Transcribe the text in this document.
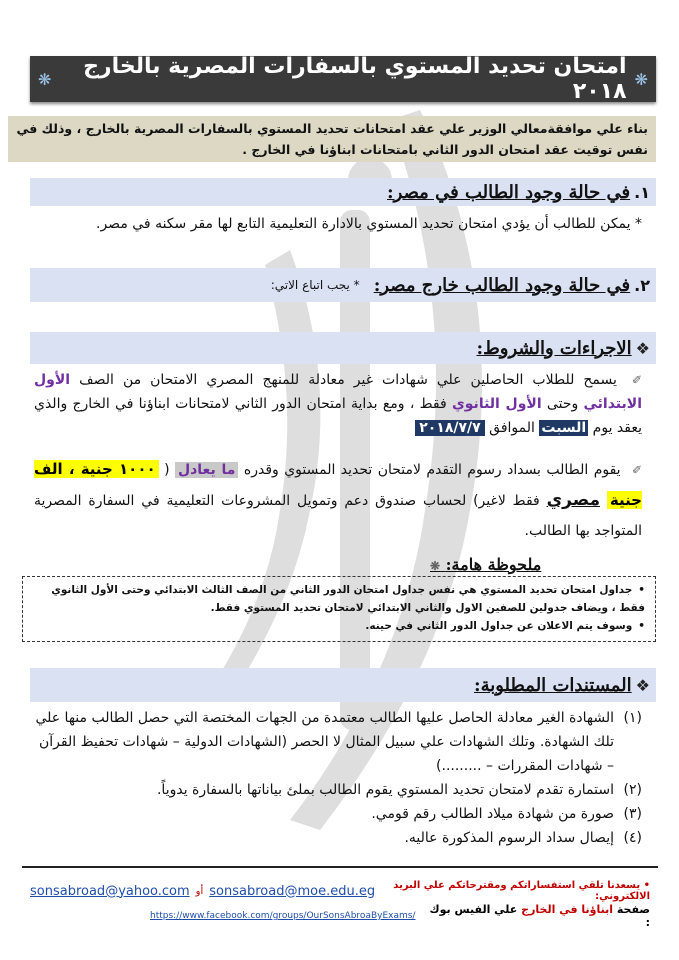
❋
امتحان تحديد المستوي بالسفارات المصرية بالخارج ٢٠١٨
❋
بناء علي موافقةمعالي الوزير علي عقد امتحانات تحديد المستوي بالسفارات المصرية بالخارج ، وذلك في نفس توقيت عقد امتحان الدور الثاني بامتحانات ابناؤنا في الخارج .
١.
في حالة وجود الطالب في مصر:
* يمكن للطالب أن يؤدي امتحان تحديد المستوي بالادارة التعليمية التابع لها مقر سكنه في مصر.
٢.
في حالة وجود الطالب خارج مصر:
* يجب اتباع الاتي:
❖
الاجراءات والشروط:
✐ يسمح للطلاب الحاصلين علي شهادات غير معادلة للمنهج المصري الامتحان من الصف الأول الابتدائي وحتى الأول الثانوي فقط ، ومع بداية امتحان الدور الثاني لامتحانات ابناؤنا في الخارج والذي يعقد يوم السبت الموافق ٢٠١٨/٧/٧
✐ يقوم الطالب بسداد رسوم التقدم لامتحان تحديد المستوي وقدره ما يعادل ( ١٠٠٠ جنية ، الف جنية مصري فقط لاغير) لحساب صندوق دعم وتمويل المشروعات التعليمية في السفارة المصرية المتواجد بها الطالب.
ملحوظة هامة: ❋
• جداول امتحان تحديد المستوي هي نفس جداول امتحان الدور الثاني من الصف الثالث الابتدائي وحتى الأول الثانوي فقط ، ويضاف جدولين للصفين الاول والثاني الابتدائي لامتحان تحديد المستوي فقط.
• وسوف يتم الاعلان عن جداول الدور الثاني في حينه.
❖
المستندات المطلوبة:
(١)
الشهادة الغير معادلة الحاصل عليها الطالب معتمدة من الجهات المختصة التي حصل الطالب منها علي تلك الشهادة. وتلك الشهادات علي سبيل المثال لا الحصر (الشهادات الدولية – شهادات تحفيظ القرآن – شهادات المقررات – .........)
(٢)
استمارة تقدم لامتحان تحديد المستوي يقوم الطالب بملئ بياناتها بالسفارة يدوياً.
(٣)
صورة من شهادة ميلاد الطالب رقم قومي.
(٤)
إيصال سداد الرسوم المذكورة عاليه.
• يسعدنا تلقي استفساراتكم ومقترحاتكم علي البريد الالكتروني:
sonsabroad@moe.edu.eg
أو
sonsabroad@yahoo.com
صفحة ابناؤنا في الخارج علي الفيس بوك :
https://www.facebook.com/groups/OurSonsAbroaByExams/
